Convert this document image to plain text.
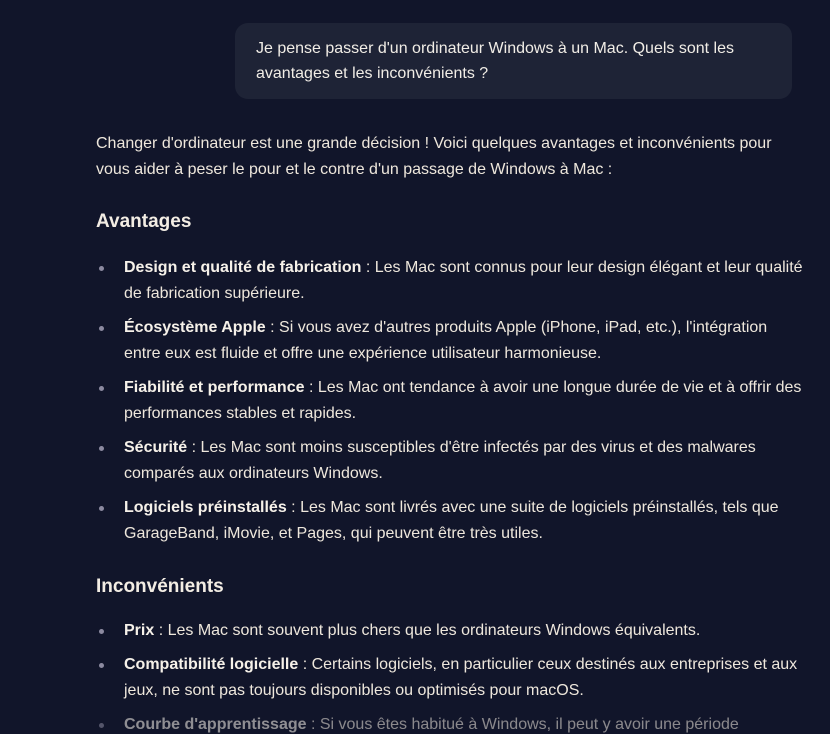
Je pense passer d'un ordinateur Windows à un Mac. Quels sont les avantages et les inconvénients ?

Changer d'ordinateur est une grande décision ! Voici quelques avantages et inconvénients pour vous aider à peser le pour et le contre d'un passage de Windows à Mac :

Avantages
Design et qualité de fabrication : Les Mac sont connus pour leur design élégant et leur qualité de fabrication supérieure.
Écosystème Apple : Si vous avez d'autres produits Apple (iPhone, iPad, etc.), l'intégration entre eux est fluide et offre une expérience utilisateur harmonieuse.
Fiabilité et performance : Les Mac ont tendance à avoir une longue durée de vie et à offrir des performances stables et rapides.
Sécurité : Les Mac sont moins susceptibles d'être infectés par des virus et des malwares comparés aux ordinateurs Windows.
Logiciels préinstallés : Les Mac sont livrés avec une suite de logiciels préinstallés, tels que GarageBand, iMovie, et Pages, qui peuvent être très utiles.
Inconvénients
Prix : Les Mac sont souvent plus chers que les ordinateurs Windows équivalents.
Compatibilité logicielle : Certains logiciels, en particulier ceux destinés aux entreprises et aux jeux, ne sont pas toujours disponibles ou optimisés pour macOS.
Courbe d'apprentissage : Si vous êtes habitué à Windows, il peut y avoir une période
